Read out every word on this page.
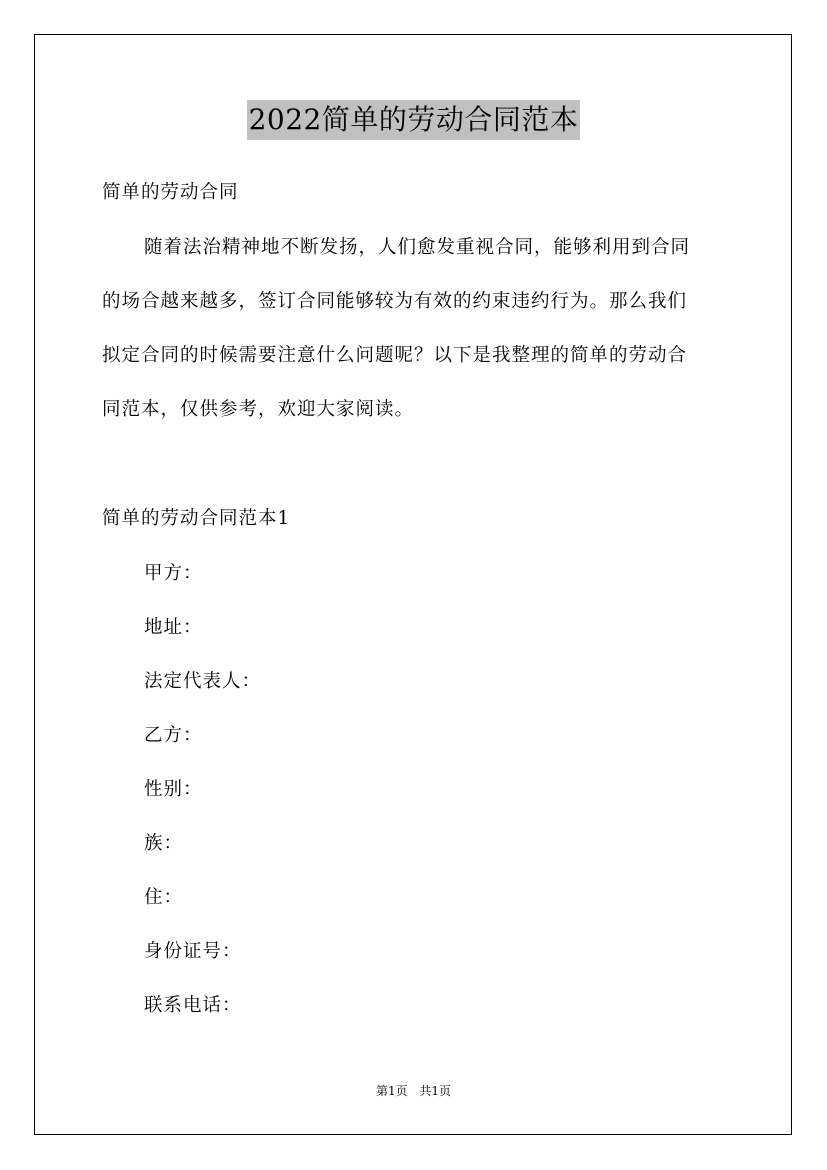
2022简单的劳动合同范本
简单的劳动合同
随着法治精神地不断发扬，人们愈发重视合同，能够利用到合同
的场合越来越多，签订合同能够较为有效的约束违约行为。那么我们
拟定合同的时候需要注意什么问题呢？以下是我整理的简单的劳动合
同范本，仅供参考，欢迎大家阅读。
简单的劳动合同范本1
甲方：
地址：
法定代表人：
乙方：
性别：
族：
住：
身份证号：
联系电话：
第1页 共1页
